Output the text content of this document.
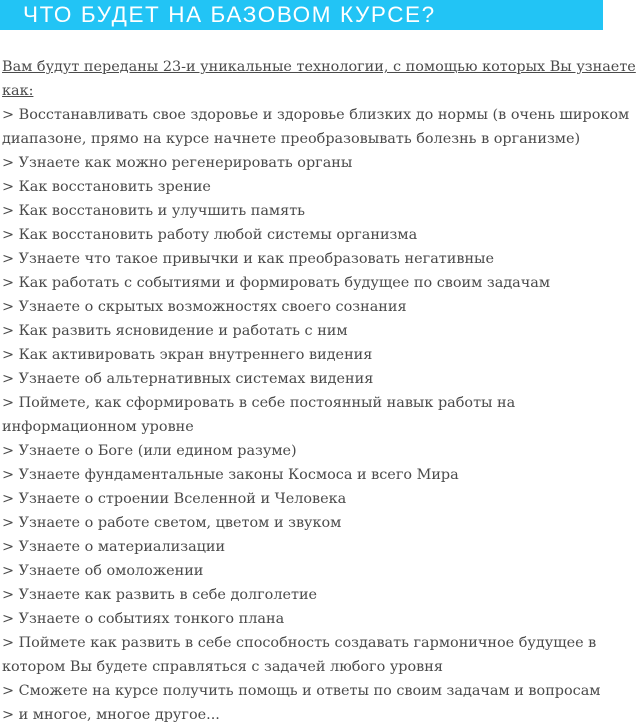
ЧТО БУДЕТ НА БАЗОВОМ КУРСЕ?
Вам будут переданы 23-и уникальные технологии, с помощью которых Вы узнаете как:
> Восстанавливать свое здоровье и здоровье близких до нормы (в очень широком диапазоне, прямо на курсе начнете преобразовывать болезнь в организме)
> Узнаете как можно регенерировать органы
> Как восстановить зрение
> Как восстановить и улучшить память
> Как восстановить работу любой системы организма
> Узнаете что такое привычки и как преобразовать негативные
> Как работать с событиями и формировать будущее по своим задачам
> Узнаете о скрытых возможностях своего сознания
> Как развить ясновидение и работать с ним
> Как активировать экран внутреннего видения
> Узнаете об альтернативных системах видения
> Поймете, как сформировать в себе постоянный навык работы на информационном уровне
> Узнаете о Боге (или едином разуме)
> Узнаете фундаментальные законы Космоса и всего Мира
> Узнаете о строении Вселенной и Человека
> Узнаете о работе светом, цветом и звуком
> Узнаете о материализации
> Узнаете об омоложении
> Узнаете как развить в себе долголетие
> Узнаете о событиях тонкого плана
> Поймете как развить в себе способность создавать гармоничное будущее в котором Вы будете справляться с задачей любого уровня
> Сможете на курсе получить помощь и ответы по своим задачам и вопросам
> и многое, многое другое...
